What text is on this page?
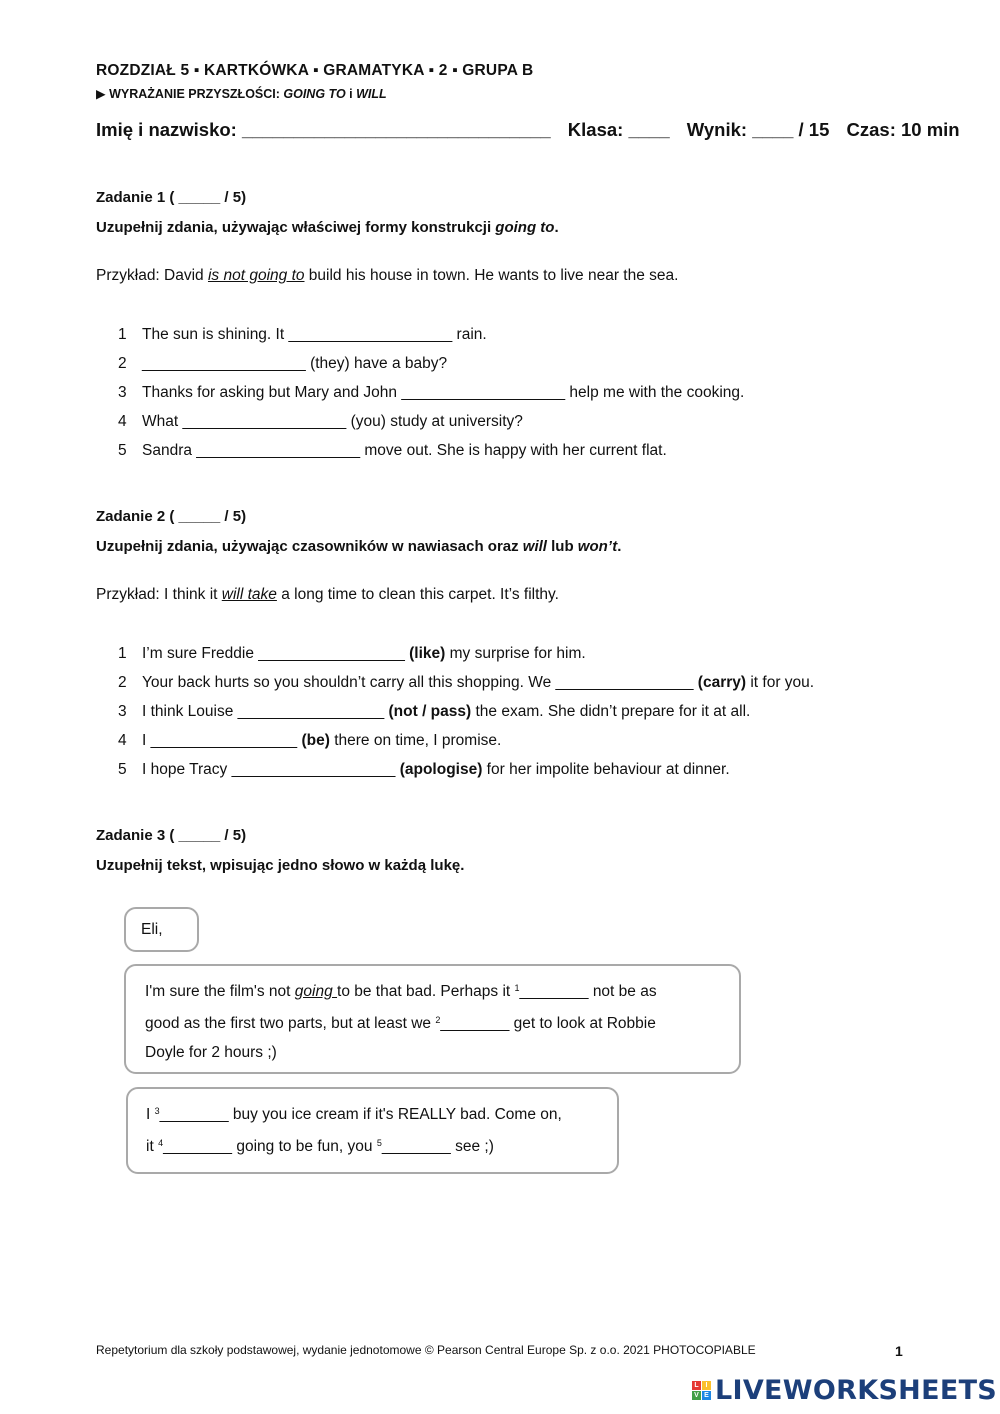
ROZDZIAŁ 5 ▪ KARTKÓWKA ▪ GRAMATYKA ▪ 2 ▪ GRUPA B
▶ WYRAŻANIE PRZYSZŁOŚCI: GOING TO i WILL
Imię i nazwisko: ______________________________ Klasa: ____ Wynik: ____ / 15 Czas: 10 min
Zadanie 1 ( _____ / 5)
Uzupełnij zdania, używając właściwej formy konstrukcji going to.
Przykład: David is not going to build his house in town. He wants to live near the sea.
1 The sun is shining. It ___________________ rain.
2 ___________________ (they) have a baby?
3 Thanks for asking but Mary and John ___________________ help me with the cooking.
4 What ___________________ (you) study at university?
5 Sandra ___________________ move out. She is happy with her current flat.
Zadanie 2 ( _____ / 5)
Uzupełnij zdania, używając czasowników w nawiasach oraz will lub won’t.
Przykład: I think it will take a long time to clean this carpet. It’s filthy.
1 I’m sure Freddie _________________ (like) my surprise for him.
2 Your back hurts so you shouldn’t carry all this shopping. We ________________ (carry) it for you.
3 I think Louise _________________ (not / pass) the exam. She didn’t prepare for it at all.
4 I _________________ (be) there on time, I promise.
5 I hope Tracy ___________________ (apologise) for her impolite behaviour at dinner.
Zadanie 3 ( _____ / 5)
Uzupełnij tekst, wpisując jedno słowo w każdą lukę.
Eli,

I'm sure the film's not going to be that bad. Perhaps it $^1$________ not be as

good as the first two parts, but at least we $^2$________ get to look at Robbie

Doyle for 2 hours ;)

I $^3$________ buy you ice cream if it's REALLY bad. Come on,

it $^4$________ going to be fun, you $^5$________ see ;)

Repetytorium dla szkoły podstawowej, wydanie jednotomowe © Pearson Central Europe Sp. z o.o. 2021 PHOTOCOPIABLE	1
L I
V E LIVEWORKSHEETS
